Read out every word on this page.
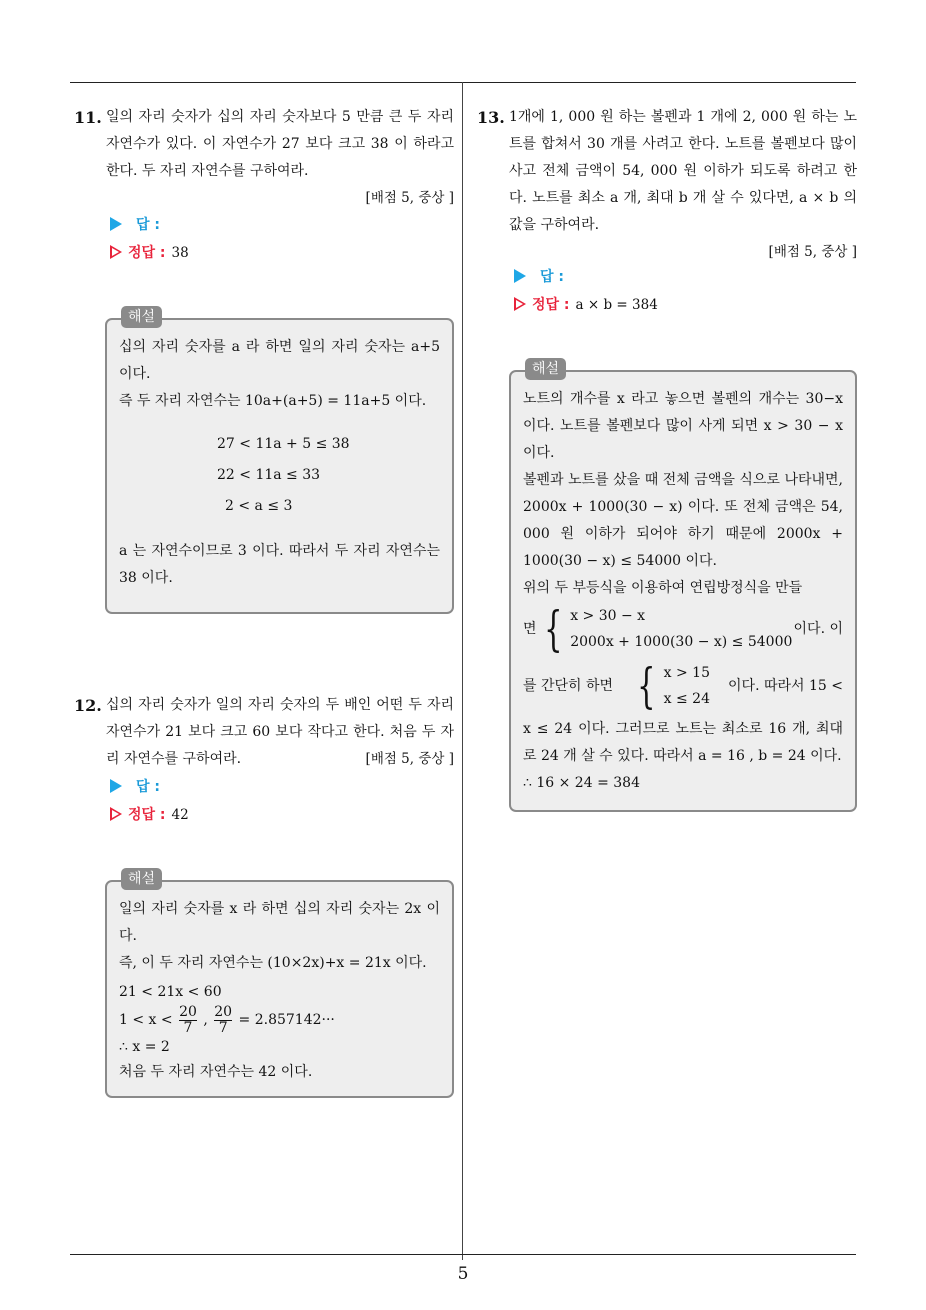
5
11. 일의 자리 숫자가 십의 자리 숫자보다 5 만큼 큰 두 자리 자연수가 있다. 이 자연수가 27 보다 크고 38 이 하라고 한다. 두 자리 자연수를 구하여라.
[배점 5, 중상 ]
답 :
정답 : 38
해설
십의 자리 숫자를 a 라 하면 일의 자리 숫자는 a+5 이다.
즉 두 자리 자연수는 10a+(a+5) = 11a+5 이다.
27 < 11a + 5 ≤ 38
22 < 11a ≤ 33
2 < a ≤ 3
a 는 자연수이므로 3 이다. 따라서 두 자리 자연수는 38 이다.
12. 십의 자리 숫자가 일의 자리 숫자의 두 배인 어떤 두 자리 자연수가 21 보다 크고 60 보다 작다고 한다. 처음 두 자리 자연수를 구하여라.	[배점 5, 중상 ]
답 :
정답 : 42
해설
일의 자리 숫자를 x 라 하면 십의 자리 숫자는 2x 이다.
즉, 이 두 자리 자연수는 (10×2x)+x = 21x 이다.
21 < 21x < 60
$1 < x < \frac{20}{7}$ , $\frac{20}{7} = 2.857142\cdot\cdot\cdot$
∴ x = 2
처음 두 자리 자연수는 42 이다.
13. 1개에 1, 000 원 하는 볼펜과 1 개에 2, 000 원 하는 노트를 합쳐서 30 개를 사려고 한다. 노트를 볼펜보다 많이 사고 전체 금액이 54, 000 원 이하가 되도록 하려고 한다. 노트를 최소 a 개, 최대 b 개 살 수 있다면, a × b 의 값을 구하여라.
[배점 5, 중상 ]
답 :
정답 : a × b = 384
해설
노트의 개수를 x 라고 놓으면 볼펜의 개수는 30−x 이다. 노트를 볼펜보다 많이 사게 되면 x > 30 − x 이다.
볼펜과 노트를 샀을 때 전체 금액을 식으로 나타내면, 2000x + 1000(30 − x) 이다. 또 전체 금액은 54, 000 원 이하가 되어야 하기 때문에 2000x + 1000(30 − x) ≤ 54000 이다.
위의 두 부등식을 이용하여 연립방정식을 만들
면 { x > 30 − x
2000x + 1000(30 − x) ≤ 54000
이다. 이
를 간단히 하면 { x > 15
x ≤ 24
이다. 따라서 15 <
x ≤ 24 이다. 그러므로 노트는 최소로 16 개, 최대로 24 개 살 수 있다. 따라서 a = 16 , b = 24 이다.
∴ 16 × 24 = 384
